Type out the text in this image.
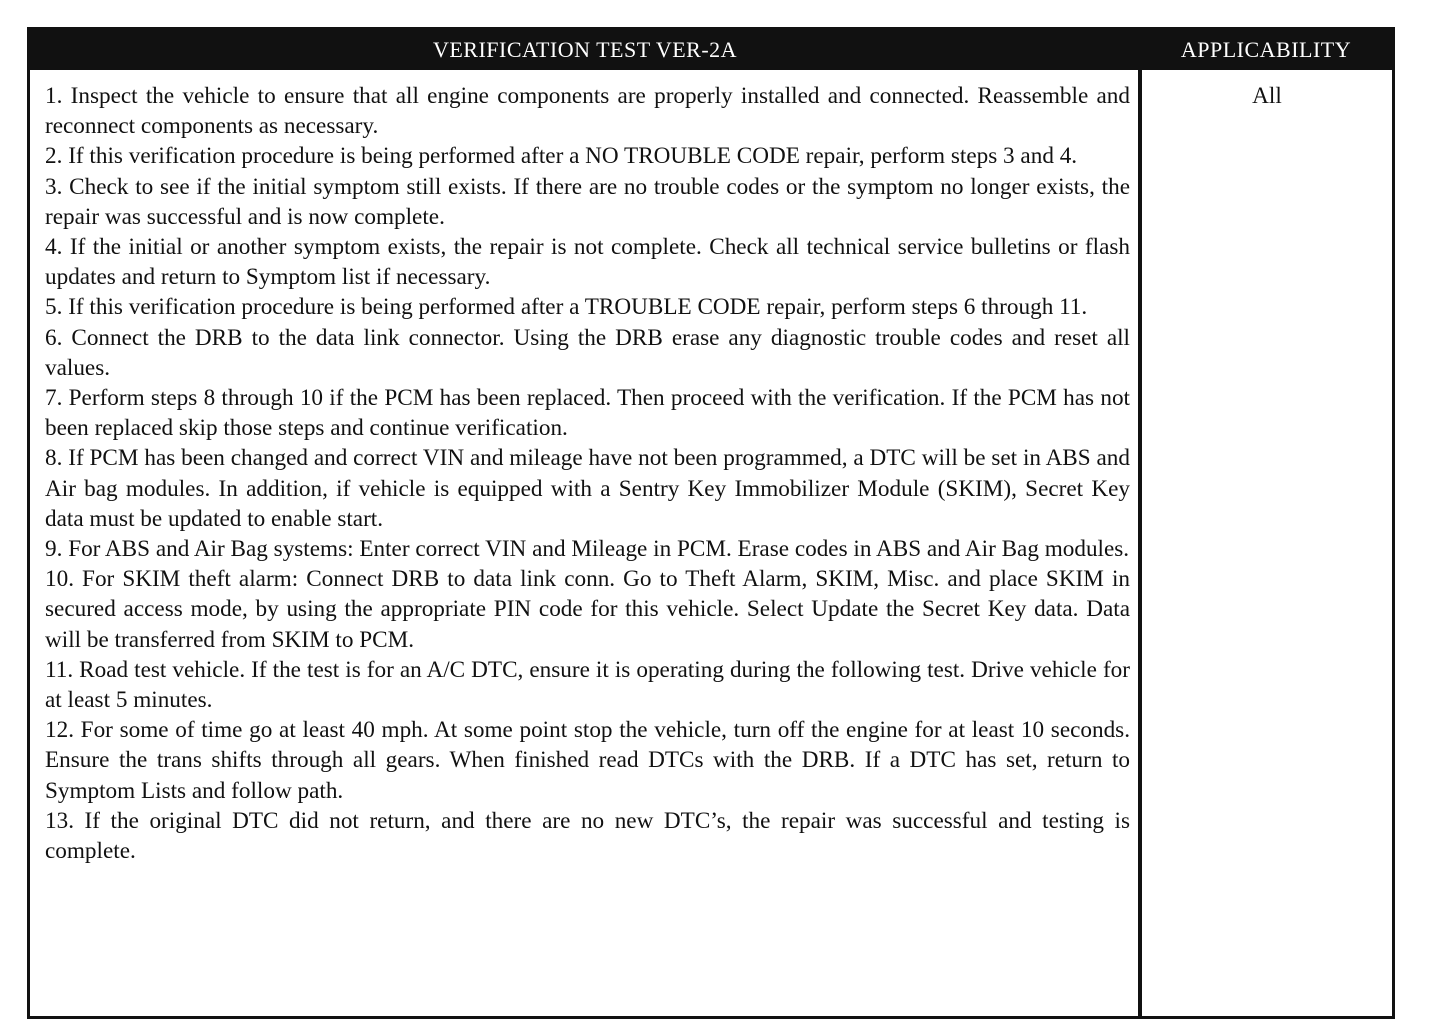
VERIFICATION TEST VER-2A	APPLICABILITY
1. Inspect the vehicle to ensure that all engine components are properly installed and connected. Reassemble and reconnect components as necessary.
2. If this verification procedure is being performed after a NO TROUBLE CODE repair, perform steps 3 and 4.
3. Check to see if the initial symptom still exists. If there are no trouble codes or the symptom no longer exists, the repair was successful and is now complete.
4. If the initial or another symptom exists, the repair is not complete. Check all technical service bulletins or flash updates and return to Symptom list if necessary.
5. If this verification procedure is being performed after a TROUBLE CODE repair, perform steps 6 through 11.
6. Connect the DRB to the data link connector. Using the DRB erase any diagnostic trouble codes and reset all values.
7. Perform steps 8 through 10 if the PCM has been replaced. Then proceed with the verification. If the PCM has not been replaced skip those steps and continue verification.
8. If PCM has been changed and correct VIN and mileage have not been programmed, a DTC will be set in ABS and Air bag modules. In addition, if vehicle is equipped with a Sentry Key Immobilizer Module (SKIM), Secret Key data must be updated to enable start.
9. For ABS and Air Bag systems: Enter correct VIN and Mileage in PCM. Erase codes in ABS and Air Bag modules.
10. For SKIM theft alarm: Connect DRB to data link conn. Go to Theft Alarm, SKIM, Misc. and place SKIM in secured access mode, by using the appropriate PIN code for this vehicle. Select Update the Secret Key data. Data will be transferred from SKIM to PCM.
11. Road test vehicle. If the test is for an A/C DTC, ensure it is operating during the following test. Drive vehicle for at least 5 minutes.
12. For some of time go at least 40 mph. At some point stop the vehicle, turn off the engine for at least 10 seconds. Ensure the trans shifts through all gears. When finished read DTCs with the DRB. If a DTC has set, return to Symptom Lists and follow path.
13. If the original DTC did not return, and there are no new DTC’s, the repair was successful and testing is complete.
All
